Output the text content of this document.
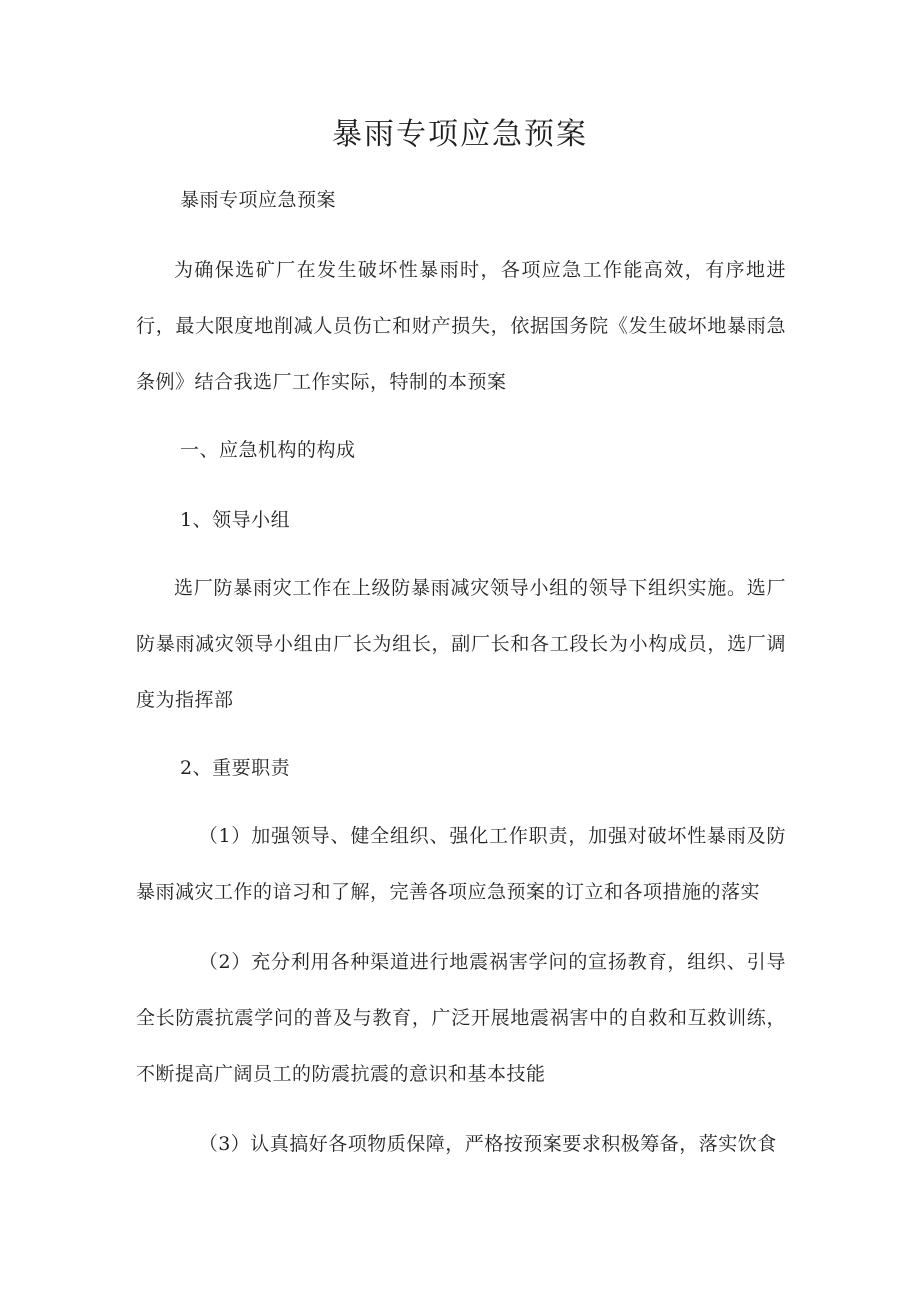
暴雨专项应急预案

暴雨专项应急预案

为确保选矿厂在发生破坏性暴雨时，各项应急工作能高效，有序地进行，最大限度地削减人员伤亡和财产损失，依据国务院《发生破坏地暴雨急条例》结合我选厂工作实际，特制的本预案

一、应急机构的构成

1、领导小组

选厂防暴雨灾工作在上级防暴雨减灾领导小组的领导下组织实施。选厂防暴雨减灾领导小组由厂长为组长，副厂长和各工段长为小构成员，选厂调度为指挥部

2、重要职责

（1）加强领导、健全组织、强化工作职责，加强对破坏性暴雨及防暴雨减灾工作的谙习和了解，完善各项应急预案的订立和各项措施的落实

（2）充分利用各种渠道进行地震祸害学问的宣扬教育，组织、引导全长防震抗震学问的普及与教育，广泛开展地震祸害中的自救和互救训练，不断提高广阔员工的防震抗震的意识和基本技能

（3）认真搞好各项物质保障，严格按预案要求积极筹备，落实饮食
